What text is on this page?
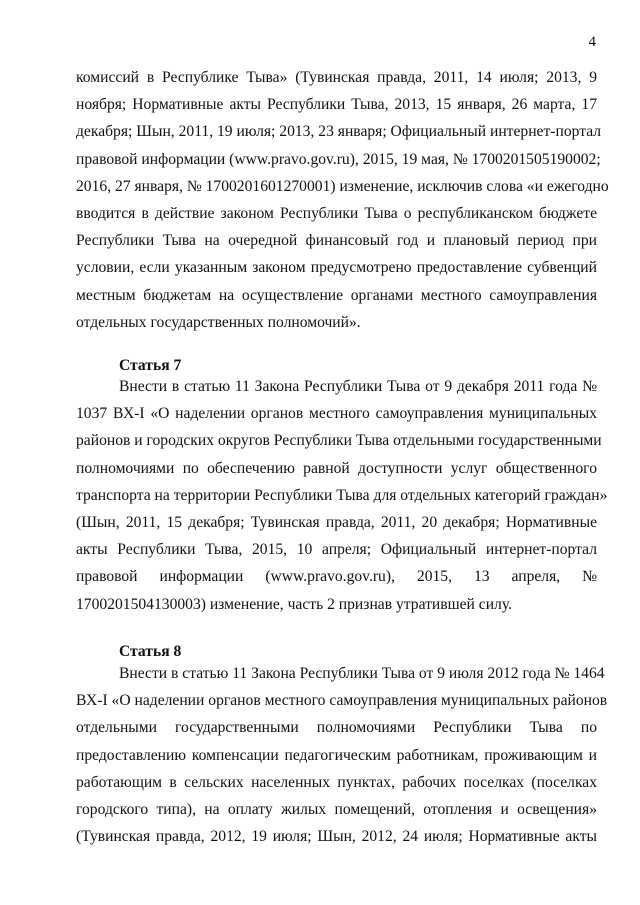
4
комиссий в Республике Тыва» (Тувинская правда, 2011, 14 июля; 2013, 9
ноября; Нормативные акты Республики Тыва, 2013, 15 января, 26 марта, 17
декабря; Шын, 2011, 19 июля; 2013, 23 января; Официальный интернет-портал
правовой информации (www.pravo.gov.ru), 2015, 19 мая, № 1700201505190002;
2016, 27 января, № 1700201601270001) изменение, исключив слова «и ежегодно
вводится в действие законом Республики Тыва о республиканском бюджете
Республики Тыва на очередной финансовый год и плановый период при
условии, если указанным законом предусмотрено предоставление субвенций
местным бюджетам на осуществление органами местного самоуправления
отдельных государственных полномочий».
Статья 7
Внести в статью 11 Закона Республики Тыва от 9 декабря 2011 года №
1037 ВХ-I «О наделении органов местного самоуправления муниципальных
районов и городских округов Республики Тыва отдельными государственными
полномочиями по обеспечению равной доступности услуг общественного
транспорта на территории Республики Тыва для отдельных категорий граждан»
(Шын, 2011, 15 декабря; Тувинская правда, 2011, 20 декабря; Нормативные
акты Республики Тыва, 2015, 10 апреля; Официальный интернет-портал
правовой информации (www.pravo.gov.ru), 2015, 13 апреля, №
1700201504130003) изменение, часть 2 признав утратившей силу.
Статья 8
Внести в статью 11 Закона Республики Тыва от 9 июля 2012 года № 1464
ВХ-I «О наделении органов местного самоуправления муниципальных районов
отдельными государственными полномочиями Республики Тыва по
предоставлению компенсации педагогическим работникам, проживающим и
работающим в сельских населенных пунктах, рабочих поселках (поселках
городского типа), на оплату жилых помещений, отопления и освещения»
(Тувинская правда, 2012, 19 июля; Шын, 2012, 24 июля; Нормативные акты
